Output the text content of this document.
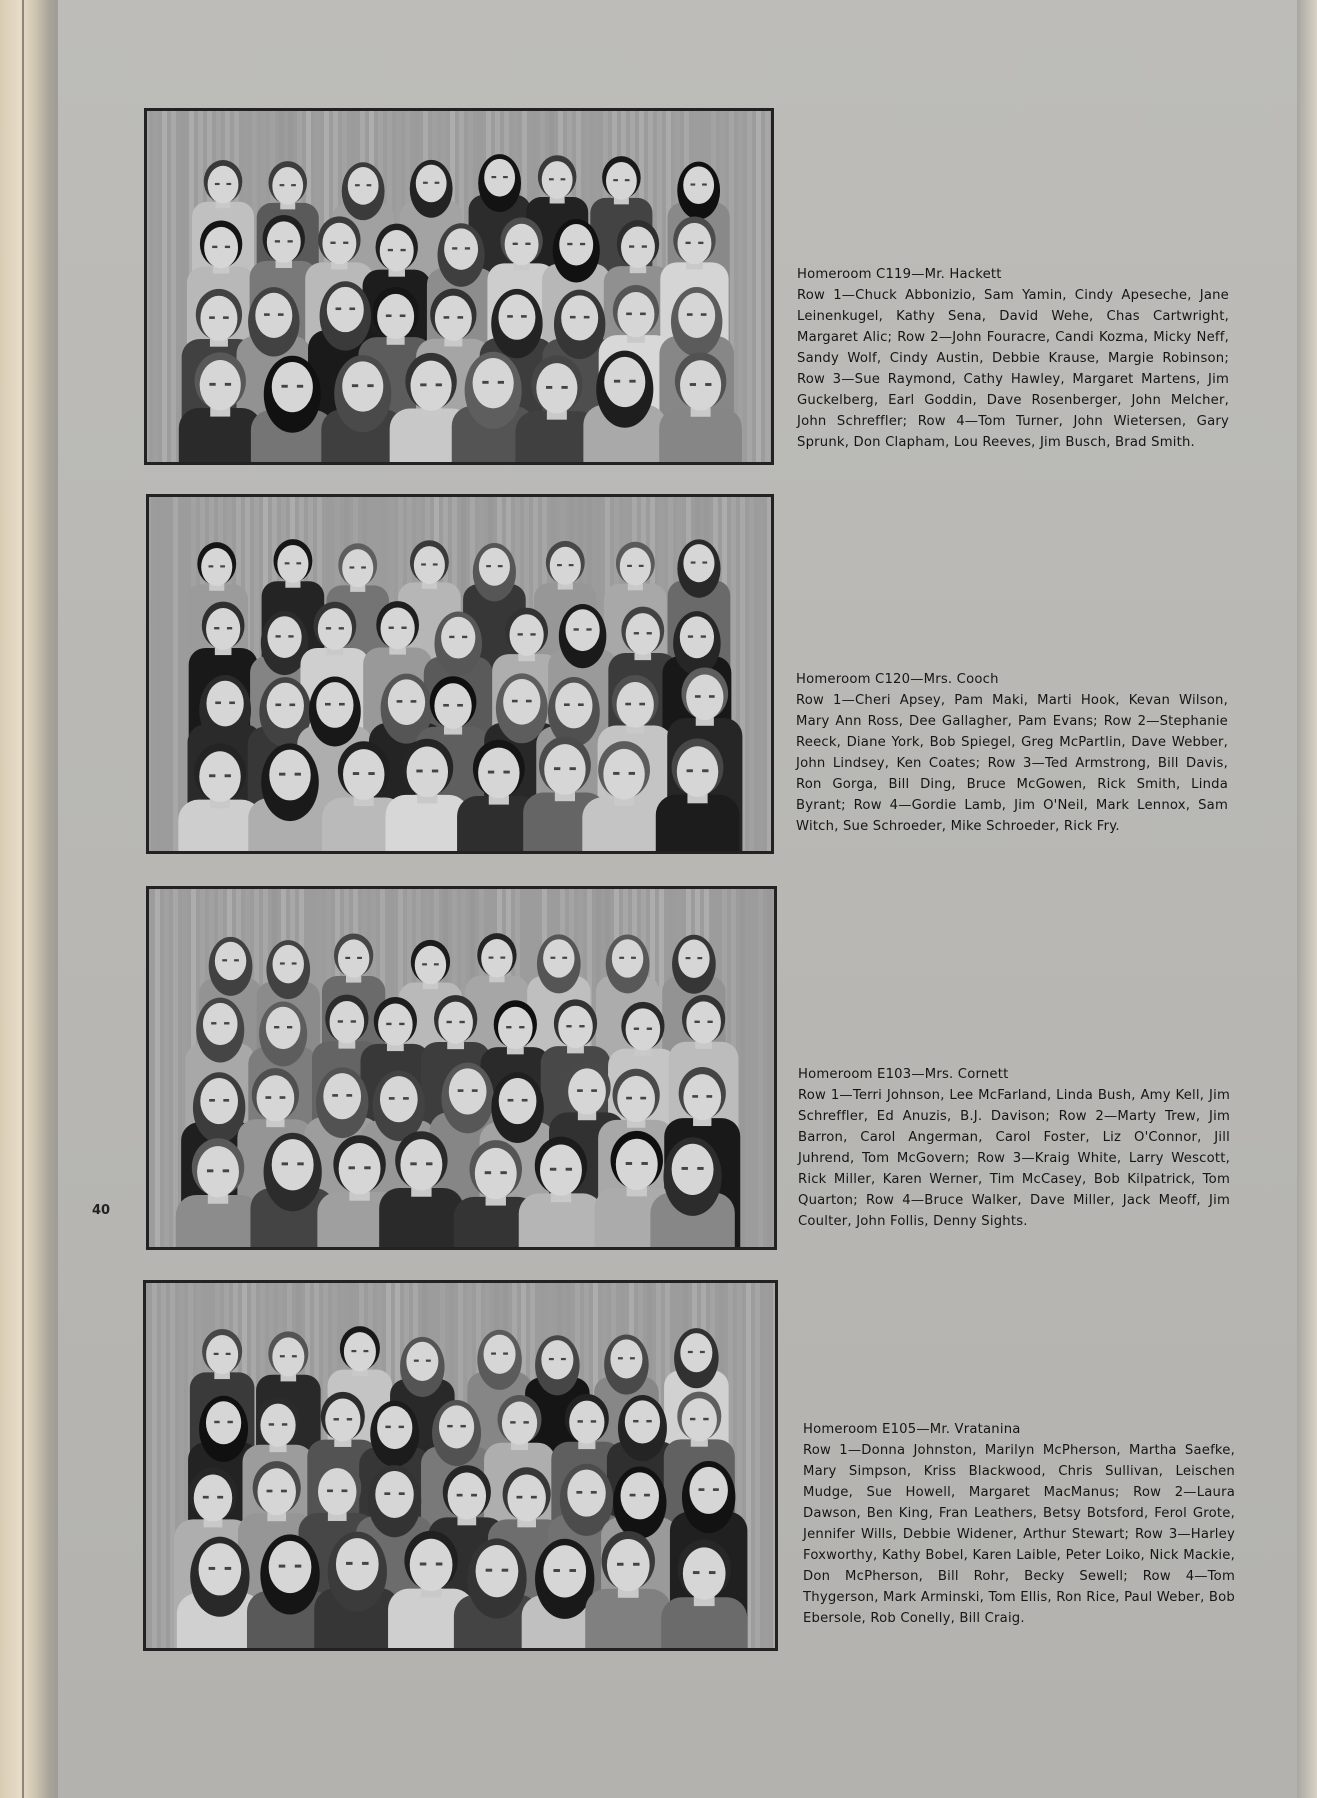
Homeroom C119—Mr. Hackett
Row 1—Chuck Abbonizio, Sam Yamin, Cindy Apeseche, Jane Leinenkugel, Kathy Sena, David Wehe, Chas Cartwright, Margaret Alic; Row 2—John Fouracre, Candi Kozma, Micky Neff, Sandy Wolf, Cindy Austin, Debbie Krause, Margie Robinson; Row 3—Sue Raymond, Cathy Hawley, Margaret Martens, Jim Guckelberg, Earl Goddin, Dave Rosenberger, John Melcher, John Schreffler; Row 4—Tom Turner, John Wietersen, Gary Sprunk, Don Clapham, Lou Reeves, Jim Busch, Brad Smith.
Homeroom C120—Mrs. Cooch
Row 1—Cheri Apsey, Pam Maki, Marti Hook, Kevan Wilson, Mary Ann Ross, Dee Gallagher, Pam Evans; Row 2—Stephanie Reeck, Diane York, Bob Spiegel, Greg McPartlin, Dave Webber, John Lindsey, Ken Coates; Row 3—Ted Armstrong, Bill Davis, Ron Gorga, Bill Ding, Bruce McGowen, Rick Smith, Linda Byrant; Row 4—Gordie Lamb, Jim O'Neil, Mark Lennox, Sam Witch, Sue Schroeder, Mike Schroeder, Rick Fry.
Homeroom E103—Mrs. Cornett
Row 1—Terri Johnson, Lee McFarland, Linda Bush, Amy Kell, Jim Schreffler, Ed Anuzis, B.J. Davison; Row 2—Marty Trew, Jim Barron, Carol Angerman, Carol Foster, Liz O'Connor, Jill Juhrend, Tom McGovern; Row 3—Kraig White, Larry Wescott, Rick Miller, Karen Werner, Tim McCasey, Bob Kilpatrick, Tom Quarton; Row 4—Bruce Walker, Dave Miller, Jack Meoff, Jim Coulter, John Follis, Denny Sights.
Homeroom E105—Mr. Vratanina
Row 1—Donna Johnston, Marilyn McPherson, Martha Saefke, Mary Simpson, Kriss Blackwood, Chris Sullivan, Leischen Mudge, Sue Howell, Margaret MacManus; Row 2—Laura Dawson, Ben King, Fran Leathers, Betsy Botsford, Ferol Grote, Jennifer Wills, Debbie Widener, Arthur Stewart; Row 3—Harley Foxworthy, Kathy Bobel, Karen Laible, Peter Loiko, Nick Mackie, Don McPherson, Bill Rohr, Becky Sewell; Row 4—Tom Thygerson, Mark Arminski, Tom Ellis, Ron Rice, Paul Weber, Bob Ebersole, Rob Conelly, Bill Craig.
40
